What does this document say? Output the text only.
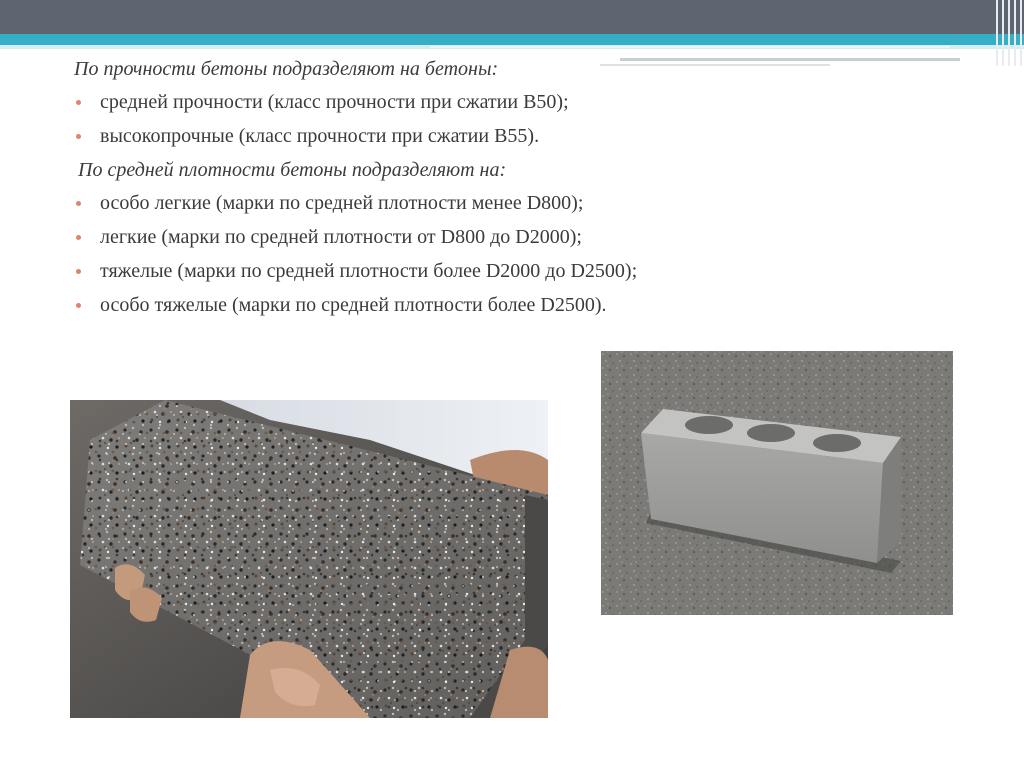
По прочности бетоны подразделяют на бетоны:

средней прочности (класс прочности при сжатии В50);
высокопрочные (класс прочности при сжатии В55).

По средней плотности бетоны подразделяют на:

особо легкие (марки по средней плотности менее D800);
легкие (марки по средней плотности от D800 до D2000);
тяжелые (марки по средней плотности более D2000 до D2500);
особо тяжелые (марки по средней плотности более D2500).
